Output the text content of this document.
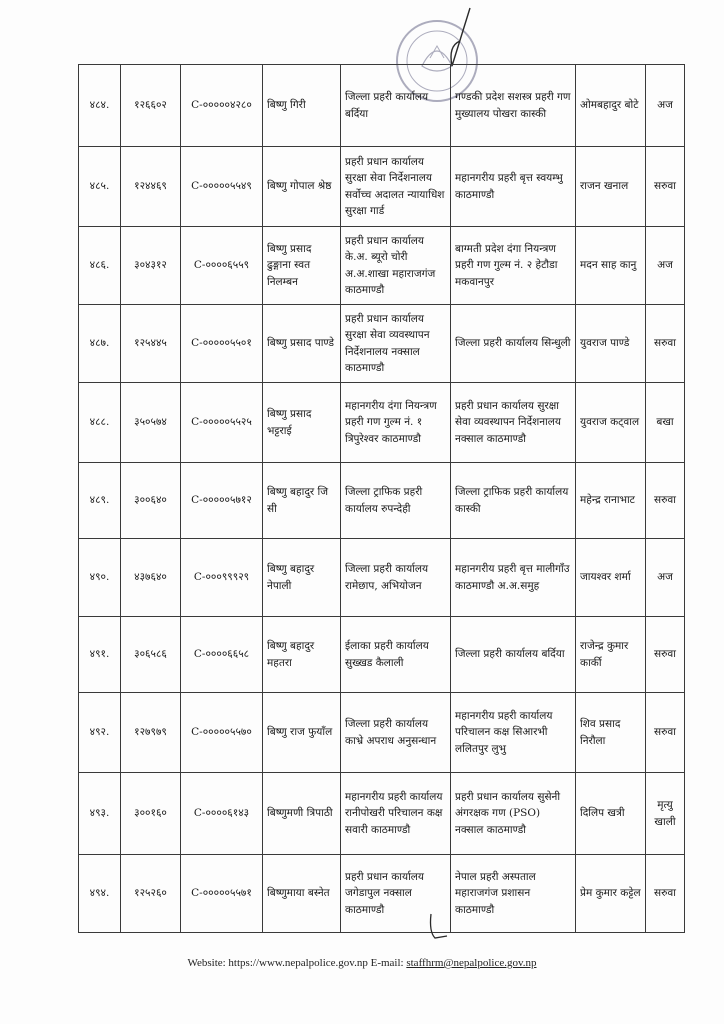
४८४.	१२६६०२	C-०००००४२८०	बिष्णु गिरी	जिल्ला प्रहरी कार्यालय बर्दिया	गण्डकी प्रदेश सशस्त्र प्रहरी गण मुख्यालय पोखरा कास्की	ओमबहादुर बोटे	अज
४८५.	१२४४६९	C-०००००५५४९	बिष्णु गोपाल श्रेष्ठ	प्रहरी प्रधान कार्यालय सुरक्षा सेवा निर्देशनालय सर्वोच्च अदालत न्यायाधिश सुरक्षा गार्ड	महानगरीय प्रहरी बृत्त स्वयम्भु काठमाण्डौ	राजन खनाल	सरुवा
४८६.	३०४३१२	C-००००६५५९	बिष्णु प्रसाद ढुङ्गाना स्वत निलम्बन	प्रहरी प्रधान कार्यालय के.अ. ब्यूरो चोरी अ.अ.शाखा महाराजगंज काठमाण्डौ	बाग्मती प्रदेश दंगा नियन्त्रण प्रहरी गण गुल्म नं. २ हेटौडा मकवानपुर	मदन साह कानु	अज
४८७.	१२५४४५	C-०००००५५०१	बिष्णु प्रसाद पाण्डे	प्रहरी प्रधान कार्यालय सुरक्षा सेवा व्यवस्थापन निर्देशनालय नक्साल काठमाण्डौ	जिल्ला प्रहरी कार्यालय सिन्धुली	युवराज पाण्डे	सरुवा
४८८.	३५०५७४	C-०००००५५२५	बिष्णु प्रसाद भट्टराई	महानगरीय दंगा नियन्त्रण प्रहरी गण गुल्म नं. १ त्रिपुरेश्वर काठमाण्डौ	प्रहरी प्रधान कार्यालय सुरक्षा सेवा व्यवस्थापन निर्देशनालय नक्साल काठमाण्डौ	युवराज कट्वाल	बखा
४८९.	३००६४०	C-०००००५७१२	बिष्णु बहादुर जि सी	जिल्ला ट्राफिक प्रहरी कार्यालय रुपन्देही	जिल्ला ट्राफिक प्रहरी कार्यालय कास्की	महेन्द्र रानाभाट	सरुवा
४९०.	४३७६४०	C-०००९९९२९	बिष्णु बहादुर नेपाली	जिल्ला प्रहरी कार्यालय रामेछाप, अभियोजन	महानगरीय प्रहरी बृत्त मालीगाँउ काठमाण्डौ अ.अ.समुह	जायश्वर शर्मा	अज
४९१.	३०६५८६	C-००००६६५८	बिष्णु बहादुर महतरा	ईलाका प्रहरी कार्यालय सुख्खड कैलाली	जिल्ला प्रहरी कार्यालय बर्दिया	राजेन्द्र कुमार कार्की	सरुवा
४९२.	१२७९७९	C-०००००५५७०	बिष्णु राज फुयाँल	जिल्ला प्रहरी कार्यालय काभ्रे अपराध अनुसन्धान	महानगरीय प्रहरी कार्यालय परिचालन कक्ष सिआरभी ललितपुर लुभु	शिव प्रसाद निरौला	सरुवा
४९३.	३००१६०	C-००००६१४३	बिष्णुमणी त्रिपाठी	महानगरीय प्रहरी कार्यालय रानीपोखरी परिचालन कक्ष सवारी काठमाण्डौ	प्रहरी प्रधान कार्यालय सुसेनी अंगरक्षक गण (PSO) नक्साल काठमाण्डौ	दिलिप खत्री	मृत्यु खाली
४९४.	१२५२६०	C-०००००५५७१	बिष्णुमाया बस्नेत	प्रहरी प्रधान कार्यालय जगेडापुल नक्साल काठमाण्डौ	नेपाल प्रहरी अस्पताल महाराजगंज प्रशासन काठमाण्डौ	प्रेम कुमार कट्टेल	सरुवा
Website: https://www.nepalpolice.gov.np E-mail: staffhrm@nepalpolice.gov.np
